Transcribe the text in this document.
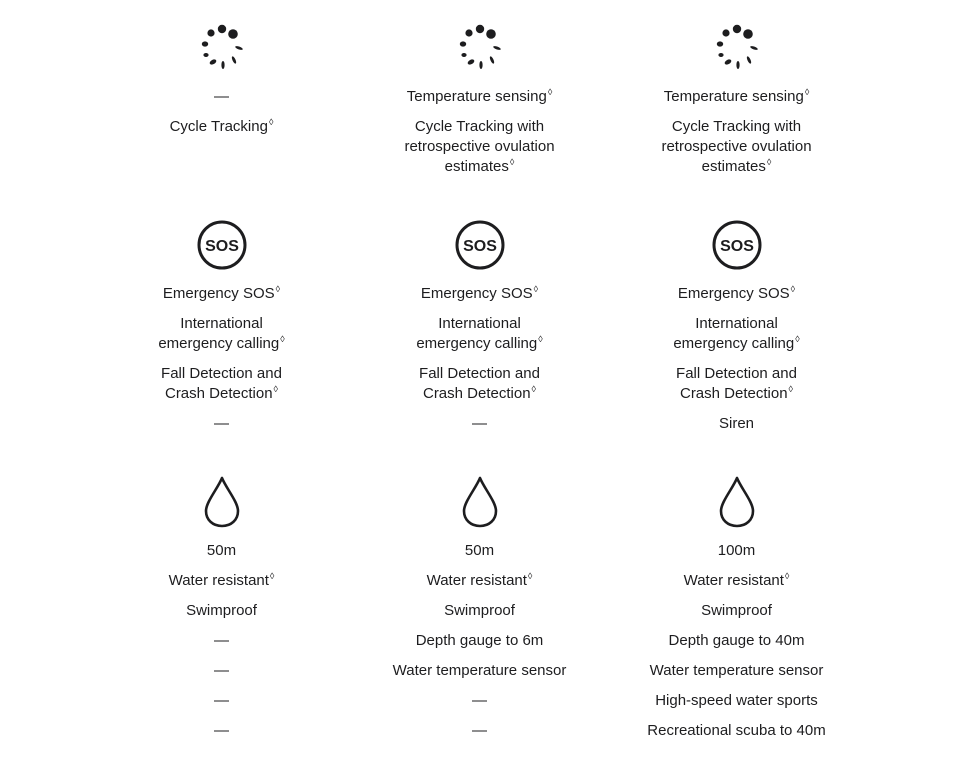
—

Cycle Tracking◊

SOS

Emergency SOS◊

International

emergency calling◊

Fall Detection and

Crash Detection◊

—

50m

Water resistant◊

Swimproof

—

—

—

—

Temperature sensing◊

Cycle Tracking with

retrospective ovulation

estimates◊

SOS

Emergency SOS◊

International

emergency calling◊

Fall Detection and

Crash Detection◊

—

50m

Water resistant◊

Swimproof

Depth gauge to 6m

Water temperature sensor

—

—

Temperature sensing◊

Cycle Tracking with

retrospective ovulation

estimates◊

SOS

Emergency SOS◊

International

emergency calling◊

Fall Detection and

Crash Detection◊

Siren

100m

Water resistant◊

Swimproof

Depth gauge to 40m

Water temperature sensor

High-speed water sports

Recreational scuba to 40m
